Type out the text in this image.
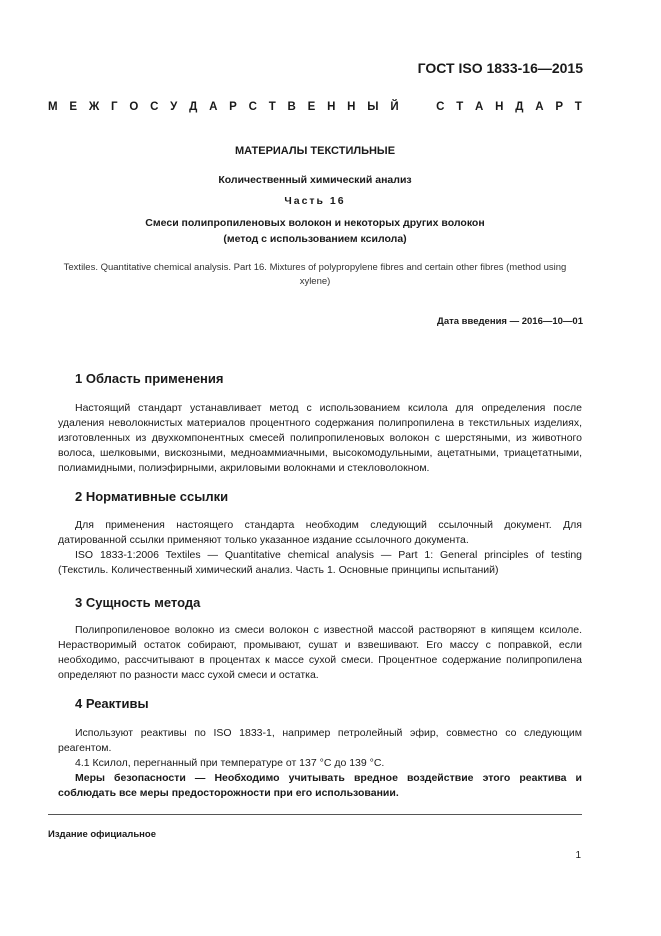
ГОСТ ISO 1833-16—2015
М Е Ж Г О С У Д А Р С Т В Е Н Н Ы Й	С Т А Н Д А Р Т
МАТЕРИАЛЫ ТЕКСТИЛЬНЫЕ
Количественный химический анализ
Часть 16
Смеси полипропиленовых волокон и некоторых других волокон
(метод с использованием ксилола)
Textiles. Quantitative chemical analysis. Part 16. Mixtures of polypropylene fibres and certain other fibres (method using xylene)
Дата введения — 2016—10—01
1 Область применения
Настоящий стандарт устанавливает метод с использованием ксилола для определения после удаления неволокнистых материалов процентного содержания полипропилена в текстильных изделиях, изготовленных из двухкомпонентных смесей полипропиленовых волокон с шерстяными, из животного волоса, шелковыми, вискозными, медноаммиачными, высокомодульными, ацетатными, триацетатными, полиамидными, полиэфирными, акриловыми волокнами и стекловолокном.
2 Нормативные ссылки
Для применения настоящего стандарта необходим следующий ссылочный документ. Для датированной ссылки применяют только указанное издание ссылочного документа.
ISO 1833-1:2006 Textiles — Quantitative chemical analysis — Part 1: General principles of testing (Текстиль. Количественный химический анализ. Часть 1. Основные принципы испытаний)
3 Сущность метода
Полипропиленовое волокно из смеси волокон с известной массой растворяют в кипящем ксилоле. Нерастворимый остаток собирают, промывают, сушат и взвешивают. Его массу с поправкой, если необходимо, рассчитывают в процентах к массе сухой смеси. Процентное содержание полипропилена определяют по разности масс сухой смеси и остатка.
4 Реактивы
Используют реактивы по ISO 1833-1, например петролейный эфир, совместно со следующим реагентом.
4.1 Ксилол, перегнанный при температуре от 137 °С до 139 °С.
Меры безопасности — Необходимо учитывать вредное воздействие этого реактива и соблюдать все меры предосторожности при его использовании.
Издание официальное
1
